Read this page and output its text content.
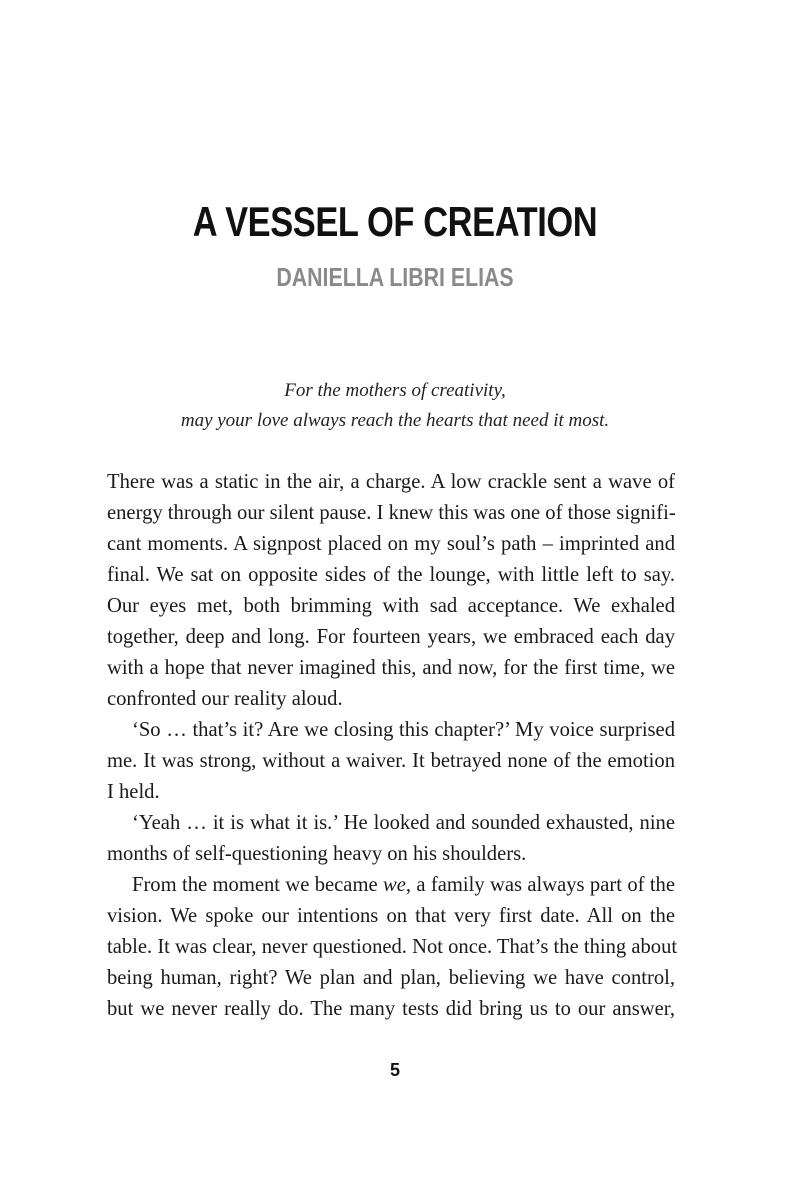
A VESSEL OF CREATION
DANIELLA LIBRI ELIAS
For the mothers of creativity,
may your love always reach the hearts that need it most.
There was a static in the air, a charge. A low crackle sent a wave of
energy through our silent pause. I knew this was one of those signifi-
cant moments. A signpost placed on my soul’s path – imprinted and
final. We sat on opposite sides of the lounge, with little left to say.
Our eyes met, both brimming with sad acceptance. We exhaled
together, deep and long. For fourteen years, we embraced each day
with a hope that never imagined this, and now, for the first time, we
confronted our reality aloud.
‘So … that’s it? Are we closing this chapter?’ My voice surprised
me. It was strong, without a waiver. It betrayed none of the emotion
I held.
‘Yeah … it is what it is.’ He looked and sounded exhausted, nine
months of self-questioning heavy on his shoulders.
From the moment we became we, a family was always part of the
vision. We spoke our intentions on that very first date. All on the
table. It was clear, never questioned. Not once. That’s the thing about
being human, right? We plan and plan, believing we have control,
but we never really do. The many tests did bring us to our answer,
5
